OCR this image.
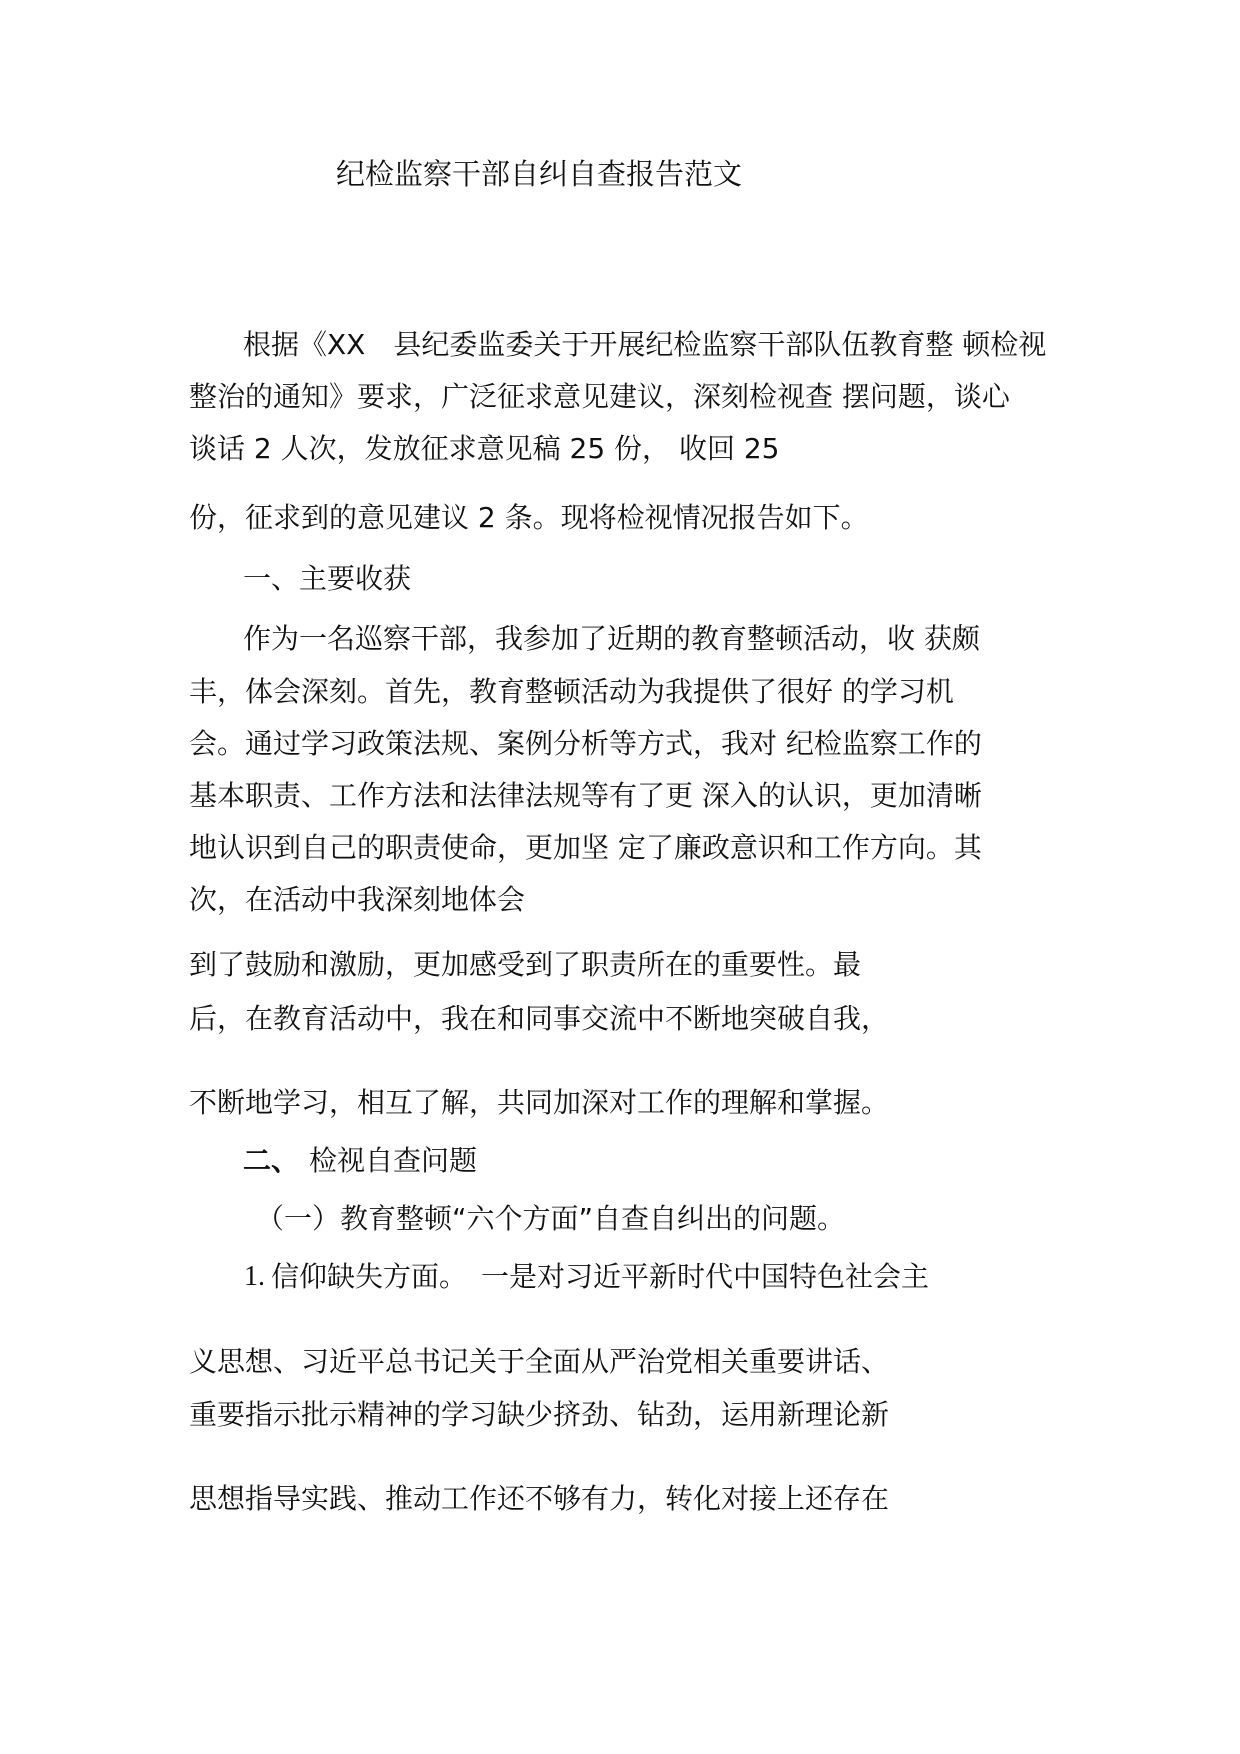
纪检监察干部自纠自查报告范文
根据《XX　县纪委监委关于开展纪检监察干部队伍教育整 顿检视
整治的通知》要求，广泛征求意见建议，深刻检视查 摆问题，谈心
谈话 2 人次，发放征求意见稿 25 份， 收回 25
份，征求到的意见建议 2 条。现将检视情况报告如下。
一、主要收获
作为一名巡察干部，我参加了近期的教育整顿活动，收 获颇
丰，体会深刻。首先，教育整顿活动为我提供了很好 的学习机
会。通过学习政策法规、案例分析等方式，我对 纪检监察工作的
基本职责、工作方法和法律法规等有了更 深入的认识，更加清晰
地认识到自己的职责使命，更加坚 定了廉政意识和工作方向。其
次，在活动中我深刻地体会
到了鼓励和激励，更加感受到了职责所在的重要性。最
后，在教育活动中，我在和同事交流中不断地突破自我，
不断地学习，相互了解，共同加深对工作的理解和掌握。
二、 检视自查问题
（一）教育整顿“六个方面”自查自纠出的问题。
1. 信仰缺失方面。　一是对习近平新时代中国特色社会主
义思想、习近平总书记关于全面从严治党相关重要讲话、
重要指示批示精神的学习缺少挤劲、钻劲，运用新理论新
思想指导实践、推动工作还不够有力，转化对接上还存在
